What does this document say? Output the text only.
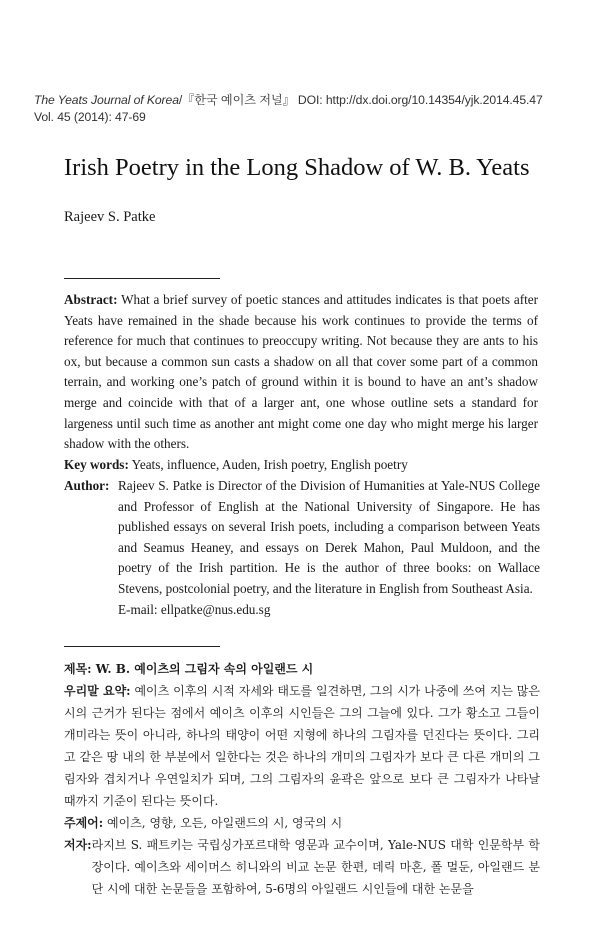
The Yeats Journal of Korea/『한국 예이츠 저널』 DOI: http://dx.doi.org/10.14354/yjk.2014.45.47
Vol. 45 (2014): 47-69
Irish Poetry in the Long Shadow of W. B. Yeats
Rajeev S. Patke
Abstract: What a brief survey of poetic stances and attitudes indicates is that poets after Yeats have remained in the shade because his work continues to provide the terms of reference for much that continues to preoccupy writing. Not because they are ants to his ox, but because a common sun casts a shadow on all that cover some part of a common terrain, and working one’s patch of ground within it is bound to have an ant’s shadow merge and coincide with that of a larger ant, one whose outline sets a standard for largeness until such time as another ant might come one day who might merge his larger shadow with the others.
Key words: Yeats, influence, Auden, Irish poetry, English poetry
Author: Rajeev S. Patke is Director of the Division of Humanities at Yale-NUS College and Professor of English at the National University of Singapore. He has published essays on several Irish poets, including a comparison between Yeats and Seamus Heaney, and essays on Derek Mahon, Paul Muldoon, and the poetry of the Irish partition. He is the author of three books: on Wallace Stevens, postcolonial poetry, and the literature in English from Southeast Asia.
E-mail: ellpatke@nus.edu.sg

제목: W. B. 예이츠의 그림자 속의 아일랜드 시

우리말 요약: 예이츠 이후의 시적 자세와 태도를 일견하면, 그의 시가 나중에 쓰여 지는 많은 시의 근거가 된다는 점에서 예이츠 이후의 시인들은 그의 그늘에 있다. 그가 황소고 그들이 개미라는 뜻이 아니라, 하나의 태양이 어떤 지형에 하나의 그림자를 던진다는 뜻이다. 그리고 같은 땅 내의 한 부분에서 일한다는 것은 하나의 개미의 그림자가 보다 큰 다른 개미의 그림자와 겹치거나 우연일치가 되며, 그의 그림자의 윤곽은 앞으로 보다 큰 그림자가 나타날 때까지 기준이 된다는 뜻이다.

주제어: 예이츠, 영향, 오든, 아일랜드의 시, 영국의 시

저자: 라지브 S. 패트키는 국립싱가포르대학 영문과 교수이며, Yale-NUS 대학 인문학부 학장이다. 예이츠와 세이머스 히니와의 비교 논문 한편, 데릭 마혼, 폴 멀둔, 아일랜드 분단 시에 대한 논문들을 포함하여, 5-6명의 아일랜드 시인들에 대한 논문을
